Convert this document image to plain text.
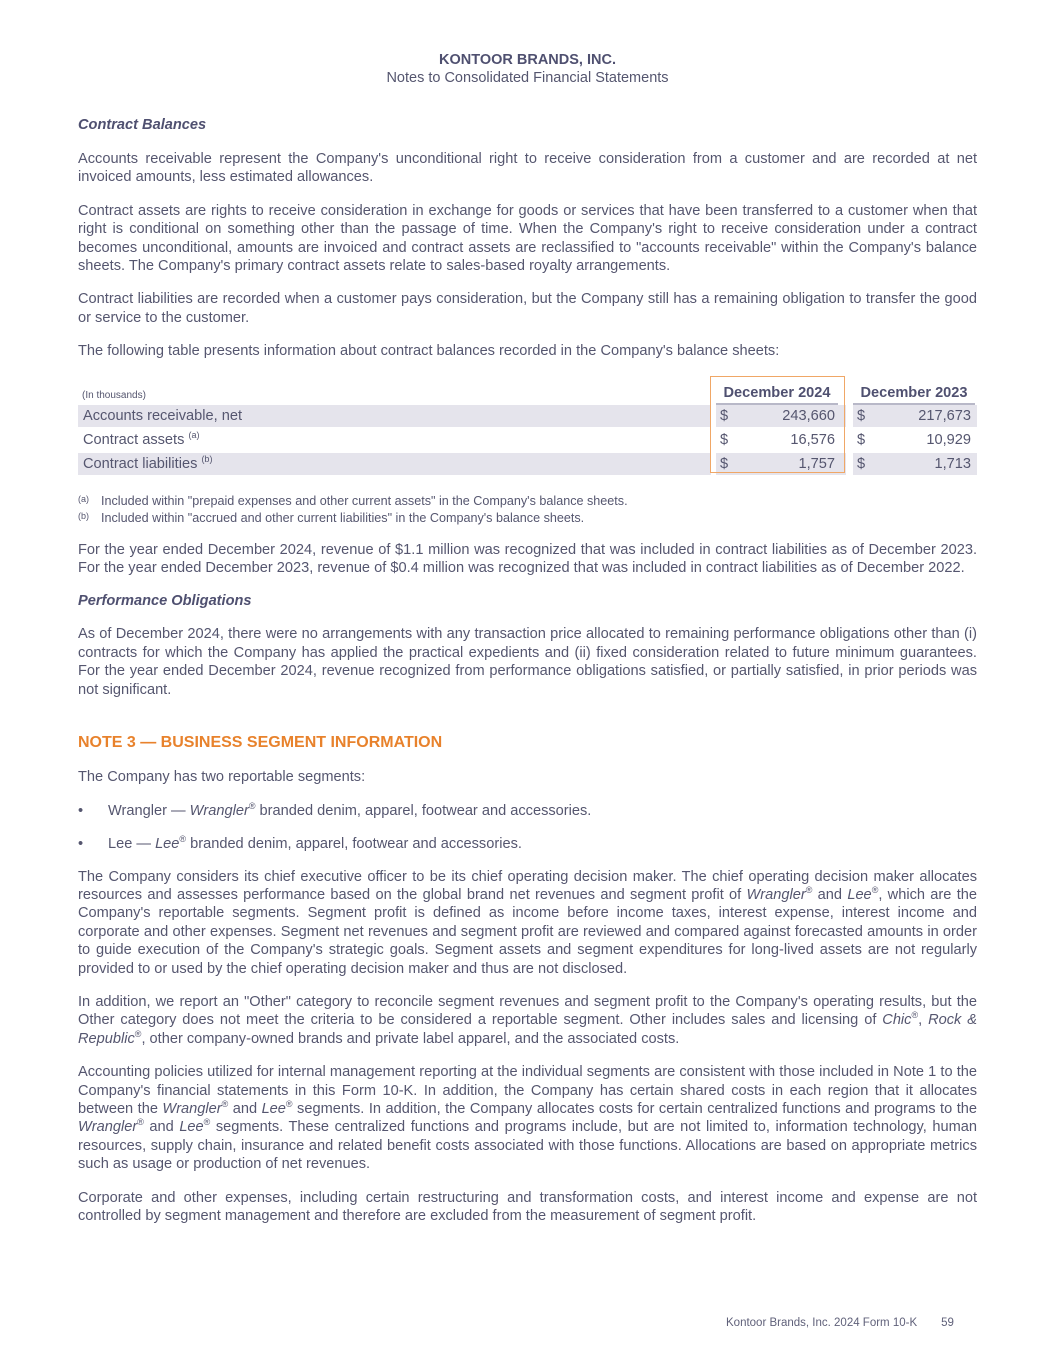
KONTOOR BRANDS, INC.
Notes to Consolidated Financial Statements
Contract Balances

Accounts receivable represent the Company's unconditional right to receive consideration from a customer and are recorded at net invoiced amounts, less estimated allowances.

Contract assets are rights to receive consideration in exchange for goods or services that have been transferred to a customer when that right is conditional on something other than the passage of time. When the Company's right to receive consideration under a contract becomes unconditional, amounts are invoiced and contract assets are reclassified to "accounts receivable" within the Company's balance sheets. The Company's primary contract assets relate to sales-based royalty arrangements.

Contract liabilities are recorded when a customer pays consideration, but the Company still has a remaining obligation to transfer the good or service to the customer.

The following table presents information about contract balances recorded in the Company's balance sheets:

(In thousands)	December 2024	December 2023
Accounts receivable, net	$	243,660 $	217,673
Contract assets $^{(a)}$	$	16,576 $	10,929
Contract liabilities $^{(b)}$	$	1,757 $	1,713
(a) Included within "prepaid expenses and other current assets" in the Company's balance sheets.
(b) Included within "accrued and other current liabilities" in the Company's balance sheets.

For the year ended December 2024, revenue of $1.1 million was recognized that was included in contract liabilities as of December 2023. For the year ended December 2023, revenue of $0.4 million was recognized that was included in contract liabilities as of December 2022.

Performance Obligations

As of December 2024, there were no arrangements with any transaction price allocated to remaining performance obligations other than (i) contracts for which the Company has applied the practical expedients and (ii) fixed consideration related to future minimum guarantees. For the year ended December 2024, revenue recognized from performance obligations satisfied, or partially satisfied, in prior periods was not significant.

NOTE 3 — BUSINESS SEGMENT INFORMATION

The Company has two reportable segments:

•	Wrangler — Wrangler® branded denim, apparel, footwear and accessories.
•	Lee — Lee® branded denim, apparel, footwear and accessories.

The Company considers its chief executive officer to be its chief operating decision maker. The chief operating decision maker allocates resources and assesses performance based on the global brand net revenues and segment profit of Wrangler® and Lee®, which are the Company's reportable segments. Segment profit is defined as income before income taxes, interest expense, interest income and corporate and other expenses. Segment net revenues and segment profit are reviewed and compared against forecasted amounts in order to guide execution of the Company's strategic goals. Segment assets and segment expenditures for long-lived assets are not regularly provided to or used by the chief operating decision maker and thus are not disclosed.

In addition, we report an "Other" category to reconcile segment revenues and segment profit to the Company's operating results, but the Other category does not meet the criteria to be considered a reportable segment. Other includes sales and licensing of Chic®, Rock & Republic®, other company-owned brands and private label apparel, and the associated costs.

Accounting policies utilized for internal management reporting at the individual segments are consistent with those included in Note 1 to the Company's financial statements in this Form 10-K. In addition, the Company has certain shared costs in each region that it allocates between the Wrangler® and Lee® segments. In addition, the Company allocates costs for certain centralized functions and programs to the Wrangler® and Lee® segments. These centralized functions and programs include, but are not limited to, information technology, human resources, supply chain, insurance and related benefit costs associated with those functions. Allocations are based on appropriate metrics such as usage or production of net revenues.

Corporate and other expenses, including certain restructuring and transformation costs, and interest income and expense are not controlled by segment management and therefore are excluded from the measurement of segment profit.

Kontoor Brands, Inc. 2024 Form 10-K 59
